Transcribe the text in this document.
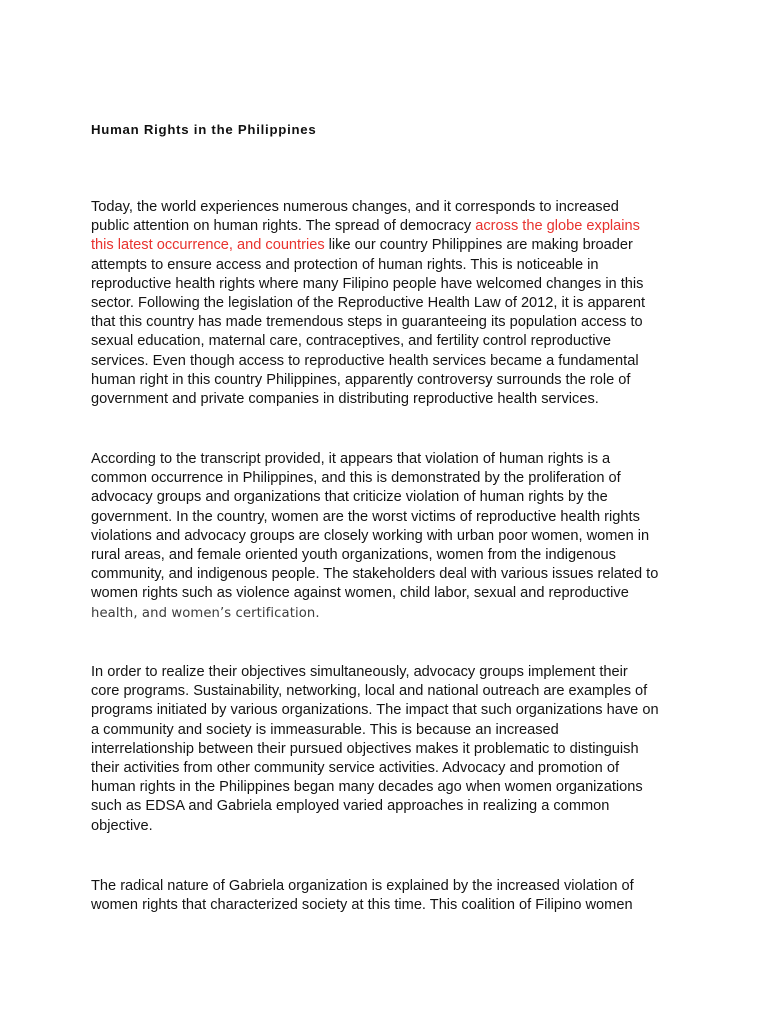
Human Rights in the Philippines
Today, the world experiences numerous changes, and it corresponds to increased
public attention on human rights. The spread of democracy across the globe explains
this latest occurrence, and countries like our country Philippines are making broader
attempts to ensure access and protection of human rights. This is noticeable in
reproductive health rights where many Filipino people have welcomed changes in this
sector. Following the legislation of the Reproductive Health Law of 2012, it is apparent
that this country has made tremendous steps in guaranteeing its population access to
sexual education, maternal care, contraceptives, and fertility control reproductive
services. Even though access to reproductive health services became a fundamental
human right in this country Philippines, apparently controversy surrounds the role of
government and private companies in distributing reproductive health services.
According to the transcript provided, it appears that violation of human rights is a
common occurrence in Philippines, and this is demonstrated by the proliferation of
advocacy groups and organizations that criticize violation of human rights by the
government. In the country, women are the worst victims of reproductive health rights
violations and advocacy groups are closely working with urban poor women, women in
rural areas, and female oriented youth organizations, women from the indigenous
community, and indigenous people. The stakeholders deal with various issues related to
women rights such as violence against women, child labor, sexual and reproductive
health, and women’s certification.
In order to realize their objectives simultaneously, advocacy groups implement their
core programs. Sustainability, networking, local and national outreach are examples of
programs initiated by various organizations. The impact that such organizations have on
a community and society is immeasurable. This is because an increased
interrelationship between their pursued objectives makes it problematic to distinguish
their activities from other community service activities. Advocacy and promotion of
human rights in the Philippines began many decades ago when women organizations
such as EDSA and Gabriela employed varied approaches in realizing a common
objective.
The radical nature of Gabriela organization is explained by the increased violation of
women rights that characterized society at this time. This coalition of Filipino women
